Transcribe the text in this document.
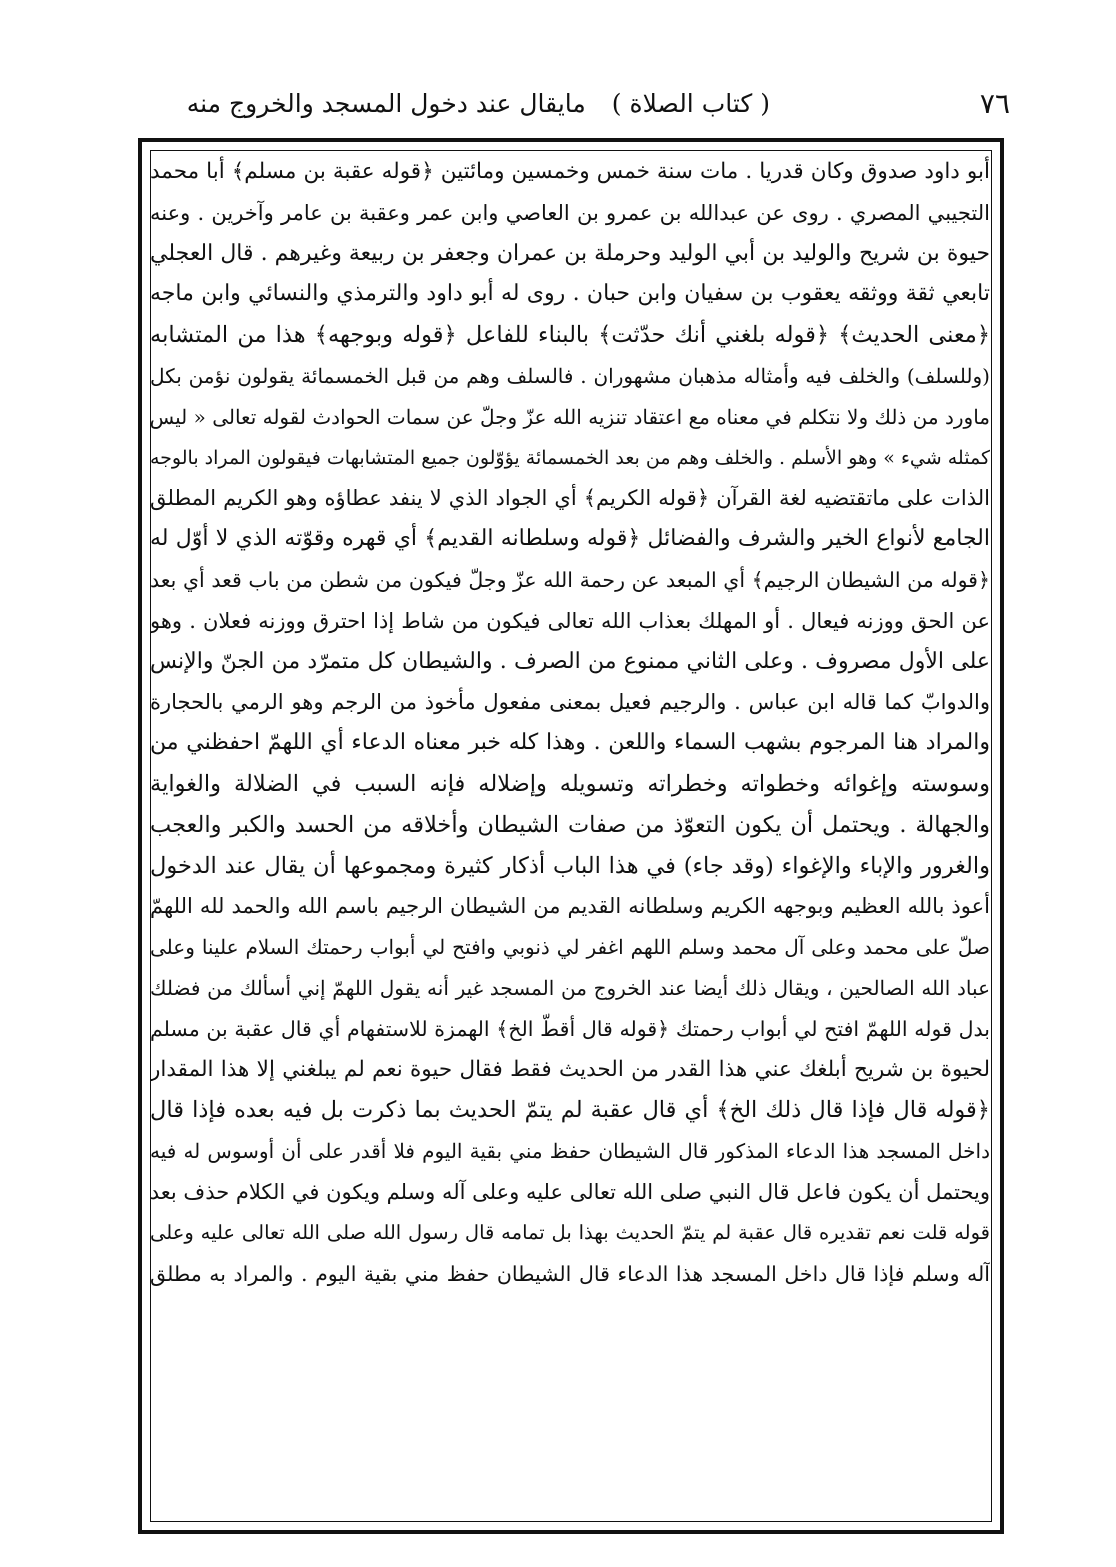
٧٦
( كتاب الصلاة )مايقال عند دخول المسجد والخروج منه
أبو داود صدوق وكان قدريا . مات سنة خمس وخمسين ومائتين ﴿قوله عقبة بن مسلم﴾ أبا محمد
التجيبي المصري . روى عن عبدالله بن عمرو بن العاصي وابن عمر وعقبة بن عامر وآخرين . وعنه
حيوة بن شريح والوليد بن أبي الوليد وحرملة بن عمران وجعفر بن ربيعة وغيرهم . قال العجلي
تابعي ثقة ووثقه يعقوب بن سفيان وابن حبان . روى له أبو داود والترمذي والنسائي وابن ماجه
﴿معنى الحديث﴾ ﴿قوله بلغني أنك حدّثت﴾ بالبناء للفاعل ﴿قوله وبوجهه﴾ هذا من المتشابه
(وللسلف) والخلف فيه وأمثاله مذهبان مشهوران . فالسلف وهم من قبل الخمسمائة يقولون نؤمن بكل
ماورد من ذلك ولا نتكلم في معناه مع اعتقاد تنزيه الله عزّ وجلّ عن سمات الحوادث لقوله تعالى « ليس
كمثله شيء » وهو الأسلم . والخلف وهم من بعد الخمسمائة يؤوّلون جميع المتشابهات فيقولون المراد بالوجه
الذات على ماتقتضيه لغة القرآن ﴿قوله الكريم﴾ أي الجواد الذي لا ينفد عطاؤه وهو الكريم المطلق
الجامع لأنواع الخير والشرف والفضائل ﴿قوله وسلطانه القديم﴾ أي قهره وقوّته الذي لا أوّل له
﴿قوله من الشيطان الرجيم﴾ أي المبعد عن رحمة الله عزّ وجلّ فيكون من شطن من باب قعد أي بعد
عن الحق ووزنه فيعال . أو المهلك بعذاب الله تعالى فيكون من شاط إذا احترق ووزنه فعلان . وهو
على الأول مصروف . وعلى الثاني ممنوع من الصرف . والشيطان كل متمرّد من الجنّ والإنس
والدوابّ كما قاله ابن عباس . والرجيم فعيل بمعنى مفعول مأخوذ من الرجم وهو الرمي بالحجارة
والمراد هنا المرجوم بشهب السماء واللعن . وهذا كله خبر معناه الدعاء أي اللهمّ احفظني من
وسوسته وإغوائه وخطواته وخطراته وتسويله وإضلاله فإنه السبب في الضلالة والغواية
والجهالة . ويحتمل أن يكون التعوّذ من صفات الشيطان وأخلاقه من الحسد والكبر والعجب
والغرور والإباء والإغواء (وقد جاء) في هذا الباب أذكار كثيرة ومجموعها أن يقال عند الدخول
أعوذ بالله العظيم وبوجهه الكريم وسلطانه القديم من الشيطان الرجيم باسم الله والحمد لله اللهمّ
صلّ على محمد وعلى آل محمد وسلم اللهم اغفر لي ذنوبي وافتح لي أبواب رحمتك السلام علينا وعلى
عباد الله الصالحين ، ويقال ذلك أيضا عند الخروج من المسجد غير أنه يقول اللهمّ إني أسألك من فضلك
بدل قوله اللهمّ افتح لي أبواب رحمتك ﴿قوله قال أقطّ الخ﴾ الهمزة للاستفهام أي قال عقبة بن مسلم
لحيوة بن شريح أبلغك عني هذا القدر من الحديث فقط فقال حيوة نعم لم يبلغني إلا هذا المقدار
﴿قوله قال فإذا قال ذلك الخ﴾ أي قال عقبة لم يتمّ الحديث بما ذكرت بل فيه بعده فإذا قال
داخل المسجد هذا الدعاء المذكور قال الشيطان حفظ مني بقية اليوم فلا أقدر على أن أوسوس له فيه
ويحتمل أن يكون فاعل قال النبي صلى الله تعالى عليه وعلى آله وسلم ويكون في الكلام حذف بعد
قوله قلت نعم تقديره قال عقبة لم يتمّ الحديث بهذا بل تمامه قال رسول الله صلى الله تعالى عليه وعلى
آله وسلم فإذا قال داخل المسجد هذا الدعاء قال الشيطان حفظ مني بقية اليوم . والمراد به مطلق
